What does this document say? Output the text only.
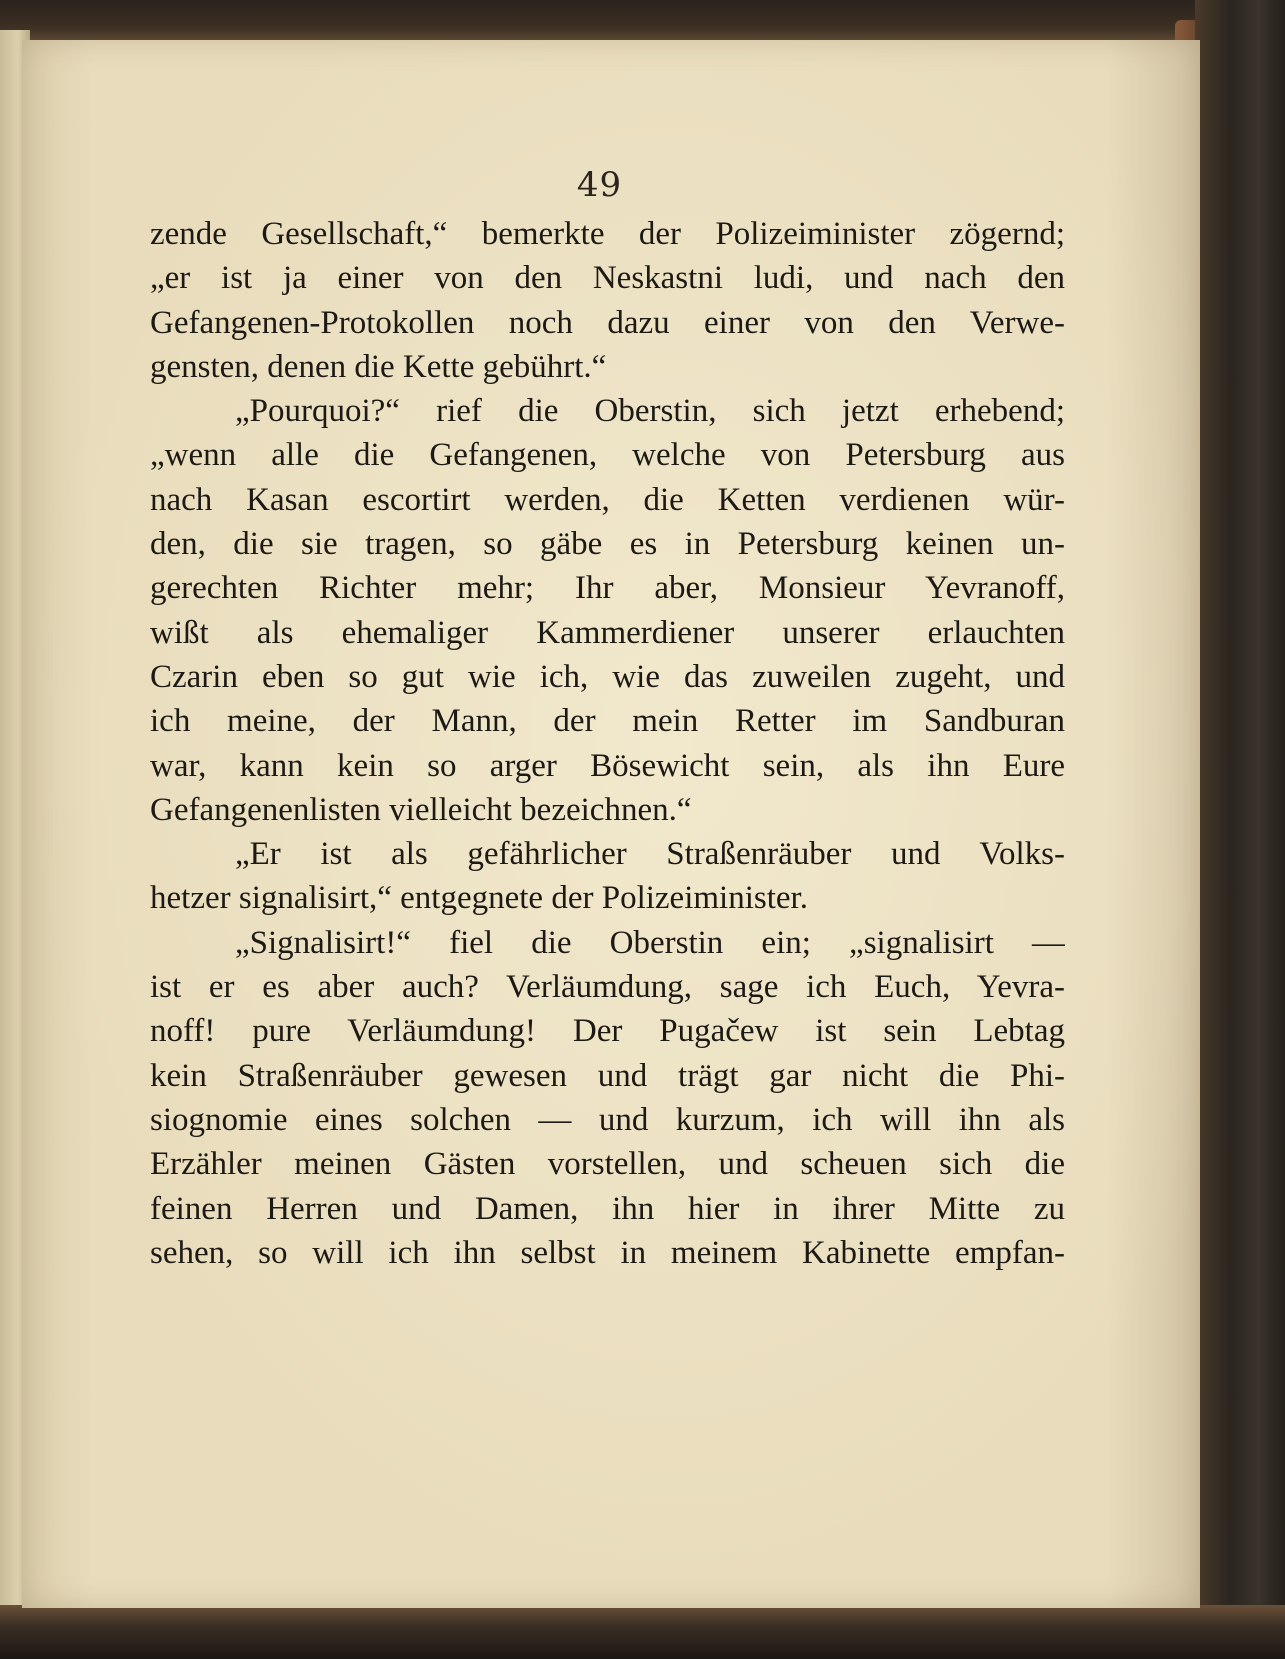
49
zende Gesellschaft,“ bemerkte der Polizeiminister zögernd;
„er ist ja einer von den Neskastni ludi, und nach den
Gefangenen-Protokollen noch dazu einer von den Verwe-
gensten, denen die Kette gebührt.“
„Pourquoi?“ rief die Oberstin, sich jetzt erhebend;
„wenn alle die Gefangenen, welche von Petersburg aus
nach Kasan escortirt werden, die Ketten verdienen wür-
den, die sie tragen, so gäbe es in Petersburg keinen un-
gerechten Richter mehr; Ihr aber, Monsieur Yevranoff,
wißt als ehemaliger Kammerdiener unserer erlauchten
Czarin eben so gut wie ich, wie das zuweilen zugeht, und
ich meine, der Mann, der mein Retter im Sandburan
war, kann kein so arger Bösewicht sein, als ihn Eure
Gefangenenlisten vielleicht bezeichnen.“
„Er ist als gefährlicher Straßenräuber und Volks-
hetzer signalisirt,“ entgegnete der Polizeiminister.
„Signalisirt!“ fiel die Oberstin ein; „signalisirt —
ist er es aber auch? Verläumdung, sage ich Euch, Yevra-
noff! pure Verläumdung! Der Pugačew ist sein Lebtag
kein Straßenräuber gewesen und trägt gar nicht die Phi-
siognomie eines solchen — und kurzum, ich will ihn als
Erzähler meinen Gästen vorstellen, und scheuen sich die
feinen Herren und Damen, ihn hier in ihrer Mitte zu
sehen, so will ich ihn selbst in meinem Kabinette empfan-
